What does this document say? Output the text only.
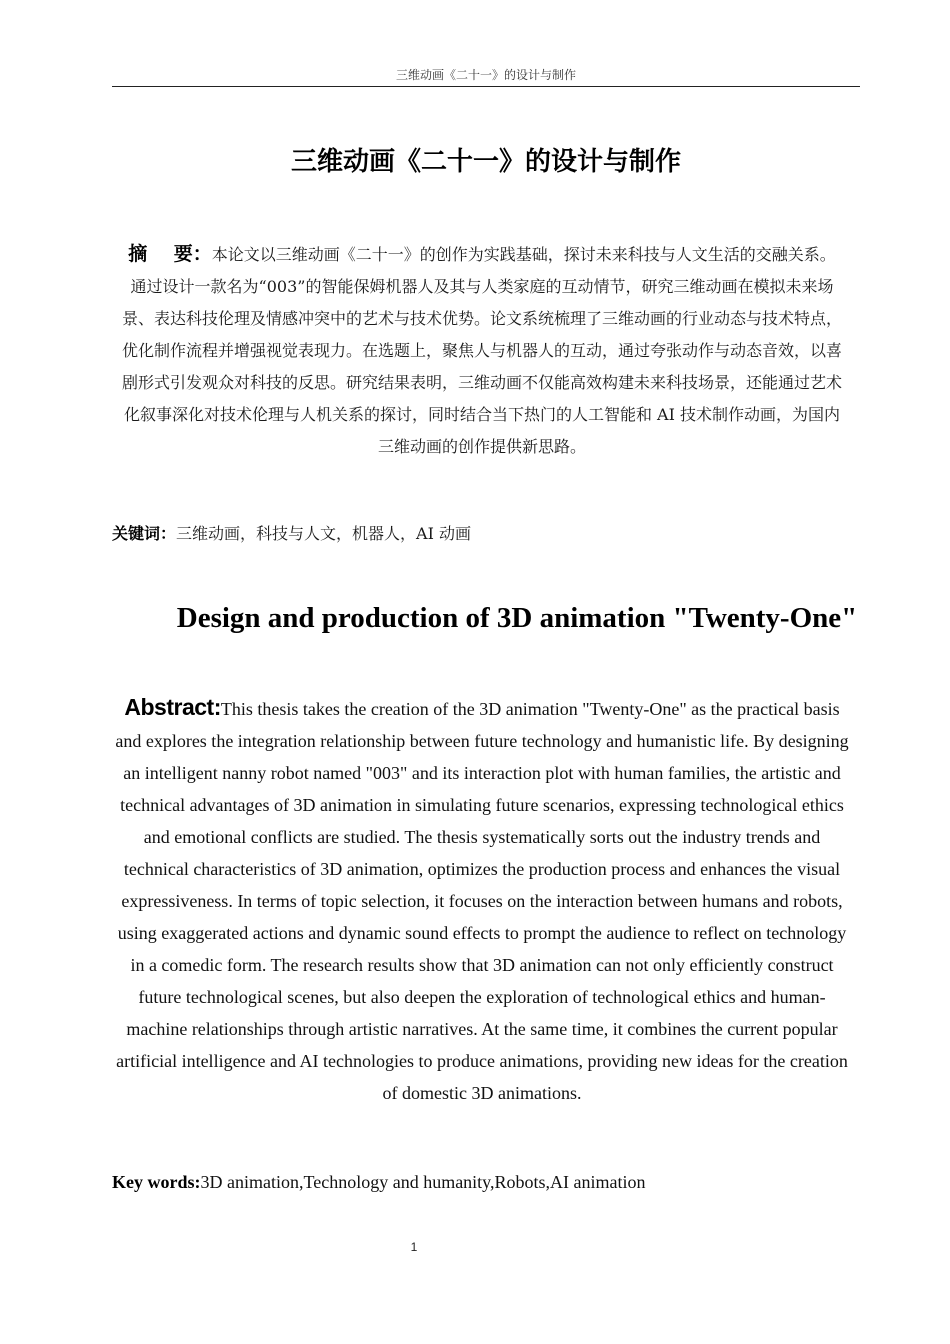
三维动画《二十一》的设计与制作
三维动画《二十一》的设计与制作
摘    要：本论文以三维动画《二十一》的创作为实践基础，探讨未来科技与人文生活的交融关系。通过设计一款名为“003”的智能保姆机器人及其与人类家庭的互动情节，研究三维动画在模拟未来场景、表达科技伦理及情感冲突中的艺术与技术优势。论文系统梳理了三维动画的行业动态与技术特点，优化制作流程并增强视觉表现力。在选题上，聚焦人与机器人的互动，通过夸张动作与动态音效，以喜剧形式引发观众对科技的反思。研究结果表明，三维动画不仅能高效构建未来科技场景，还能通过艺术化叙事深化对技术伦理与人机关系的探讨，同时结合当下热门的人工智能和 AI 技术制作动画，为国内三维动画的创作提供新思路。
关键词：三维动画，科技与人文，机器人，AI 动画
Design and production of 3D animation "Twenty-One"
Abstract:This thesis takes the creation of the 3D animation "Twenty-One" as the practical basis and explores the integration relationship between future technology and humanistic life. By designing an intelligent nanny robot named "003" and its interaction plot with human families, the artistic and technical advantages of 3D animation in simulating future scenarios, expressing technological ethics and emotional conflicts are studied. The thesis systematically sorts out the industry trends and technical characteristics of 3D animation, optimizes the production process and enhances the visual expressiveness. In terms of topic selection, it focuses on the interaction between humans and robots, using exaggerated actions and dynamic sound effects to prompt the audience to reflect on technology in a comedic form. The research results show that 3D animation can not only efficiently construct future technological scenes, but also deepen the exploration of technological ethics and human-machine relationships through artistic narratives. At the same time, it combines the current popular artificial intelligence and AI technologies to produce animations, providing new ideas for the creation of domestic 3D animations.
Key words:3D animation,Technology and humanity,Robots,AI animation
1
